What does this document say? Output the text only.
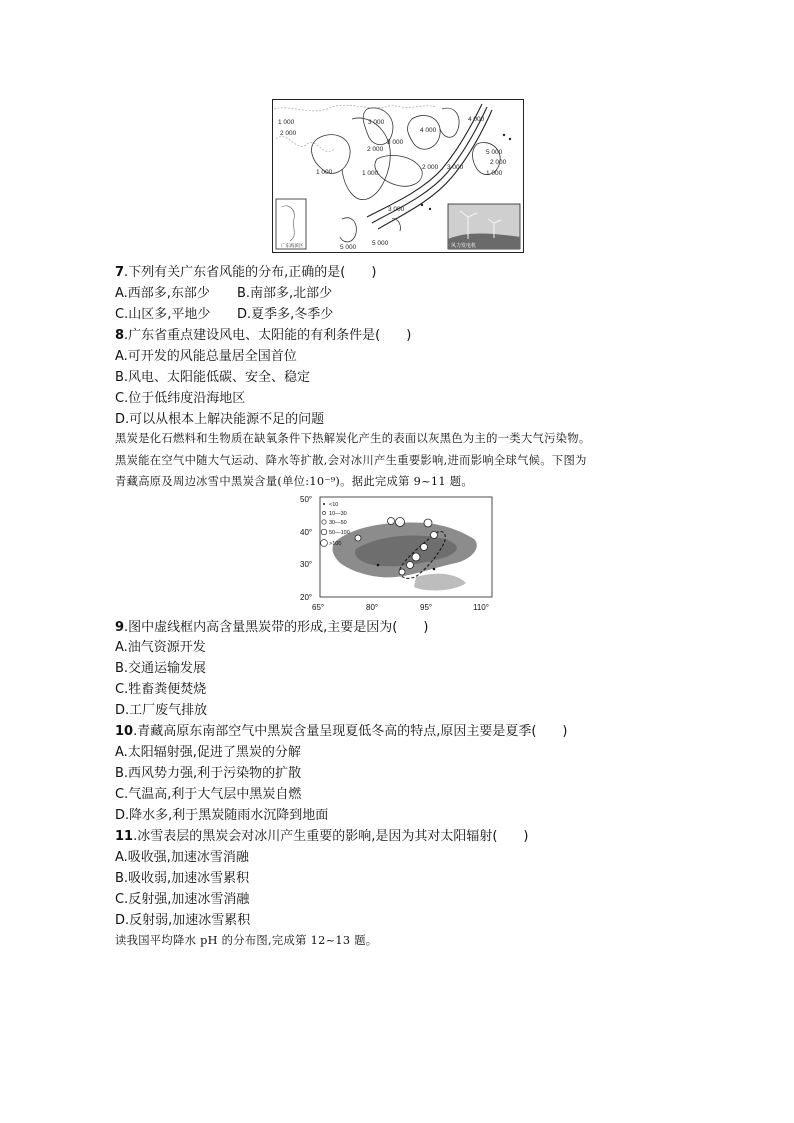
1 000
2 000
3 000
4 000
3 000
2 000
1 000	1 000
2 000 3 000
4 000
5 000
2 000
1 000
3 000
5 000
5 000
广东海滨区	风力发电机
7.下列有关广东省风能的分布,正确的是(　　)
A.西部多,东部少 B.南部多,北部少
C.山区多,平地少 D.夏季多,冬季少
8.广东省重点建设风电、太阳能的有利条件是(　　)
A.可开发的风能总量居全国首位
B.风电、太阳能低碳、安全、稳定
C.位于低纬度沿海地区
D.可以从根本上解决能源不足的问题
黑炭是化石燃料和生物质在缺氧条件下热解炭化产生的表面以灰黑色为主的一类大气污染物。
黑炭能在空气中随大气运动、降水等扩散,会对冰川产生重要影响,进而影响全球气候。下图为
青藏高原及周边冰雪中黑炭含量(单位:10⁻⁹)。据此完成第 9~11 题。
<10
10—30
30—50
50—100
>100
50°
40°
30°
20°
65°	80°	95°	110°
9.图中虚线框内高含量黑炭带的形成,主要是因为(　　)
A.油气资源开发
B.交通运输发展
C.牲畜粪便焚烧
D.工厂废气排放
10.青藏高原东南部空气中黑炭含量呈现夏低冬高的特点,原因主要是夏季(　　)
A.太阳辐射强,促进了黑炭的分解
B.西风势力强,利于污染物的扩散
C.气温高,利于大气层中黑炭自燃
D.降水多,利于黑炭随雨水沉降到地面
11.冰雪表层的黑炭会对冰川产生重要的影响,是因为其对太阳辐射(　　)
A.吸收强,加速冰雪消融
B.吸收弱,加速冰雪累积
C.反射强,加速冰雪消融
D.反射弱,加速冰雪累积
读我国平均降水 pH 的分布图,完成第 12~13 题。
